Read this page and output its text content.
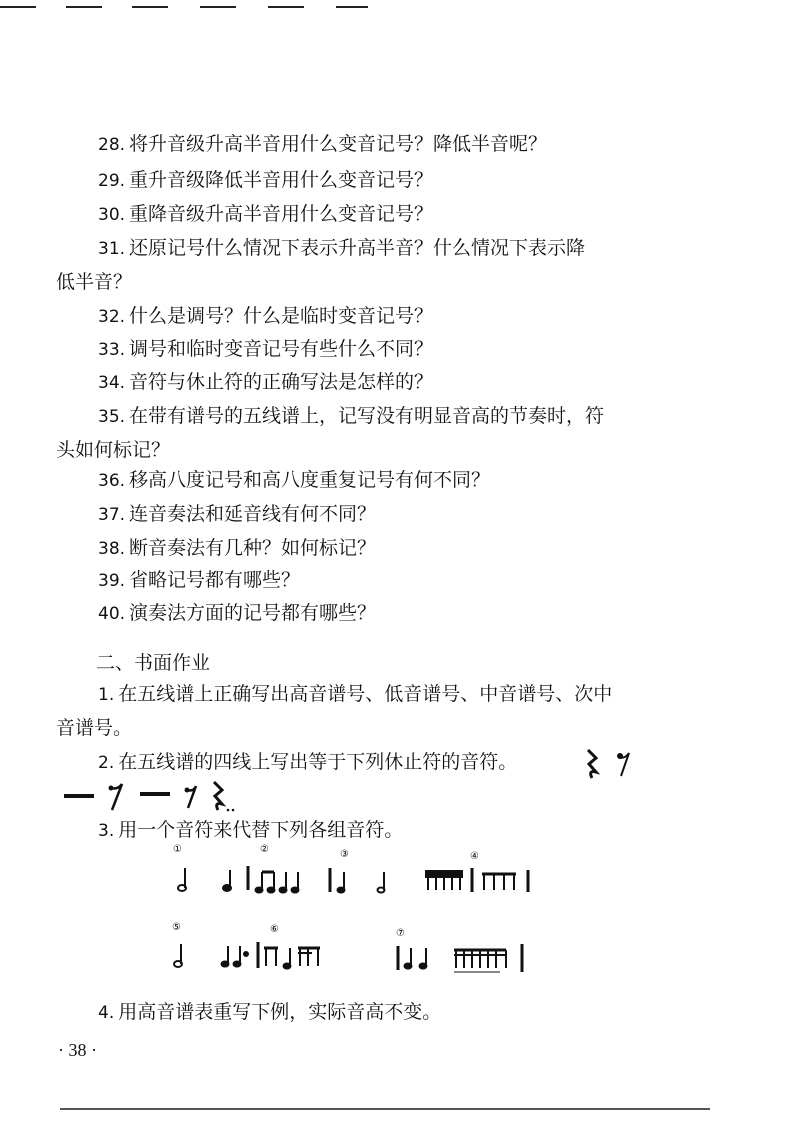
28. 将升音级升高半音用什么变音记号？降低半音呢？
29. 重升音级降低半音用什么变音记号？
30. 重降音级升高半音用什么变音记号？
31. 还原记号什么情况下表示升高半音？什么情况下表示降
低半音？
32. 什么是调号？什么是临时变音记号？
33. 调号和临时变音记号有些什么不同？
34. 音符与休止符的正确写法是怎样的？
35. 在带有谱号的五线谱上，记写没有明显音高的节奏时，符
头如何标记？
36. 移高八度记号和高八度重复记号有何不同？
37. 连音奏法和延音线有何不同？
38. 断音奏法有几种？如何标记？
39. 省略记号都有哪些？
40. 演奏法方面的记号都有哪些？
二、书面作业
1. 在五线谱上正确写出高音谱号、低音谱号、中音谱号、次中
音谱号。
2. 在五线谱的四线上写出等于下列休止符的音符。
3. 用一个音符来代替下列各组音符。
①	②	③	④
⑤	⑥	⑦
4. 用高音谱表重写下例，实际音高不变。
· 38 ·
